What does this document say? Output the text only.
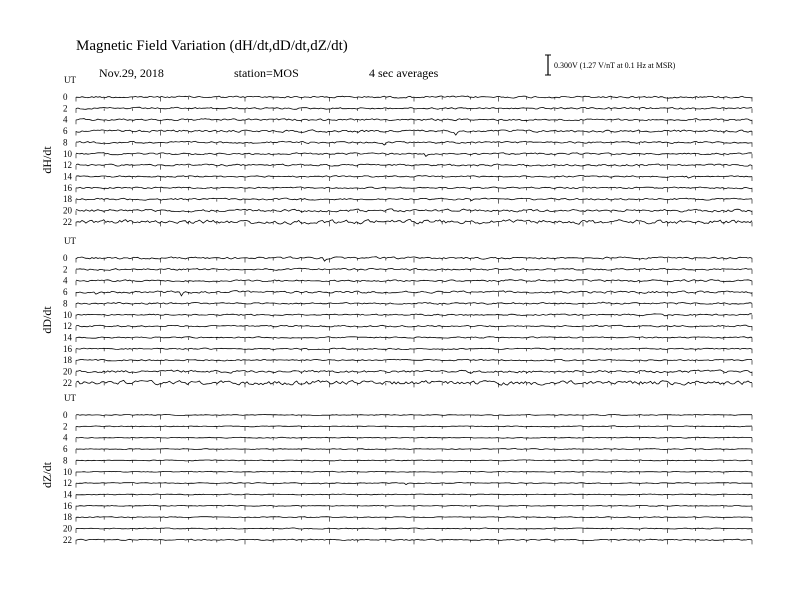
Magnetic Field Variation (dH/dt,dD/dt,dZ/dt)
Nov.29, 2018	station=MOS	4 sec averages
0.300V (1.27 V/nT at 0.1 Hz at MSR)
UT
dH/dt
0
2
4
6
8
10
12
14
16
18
20
22
UT
dD/dt
0
2
4
6
8
10
12
14
16
18
20
22
UT
dZ/dt
0
2
4
6
8
10
12
14
16
18
20
22
